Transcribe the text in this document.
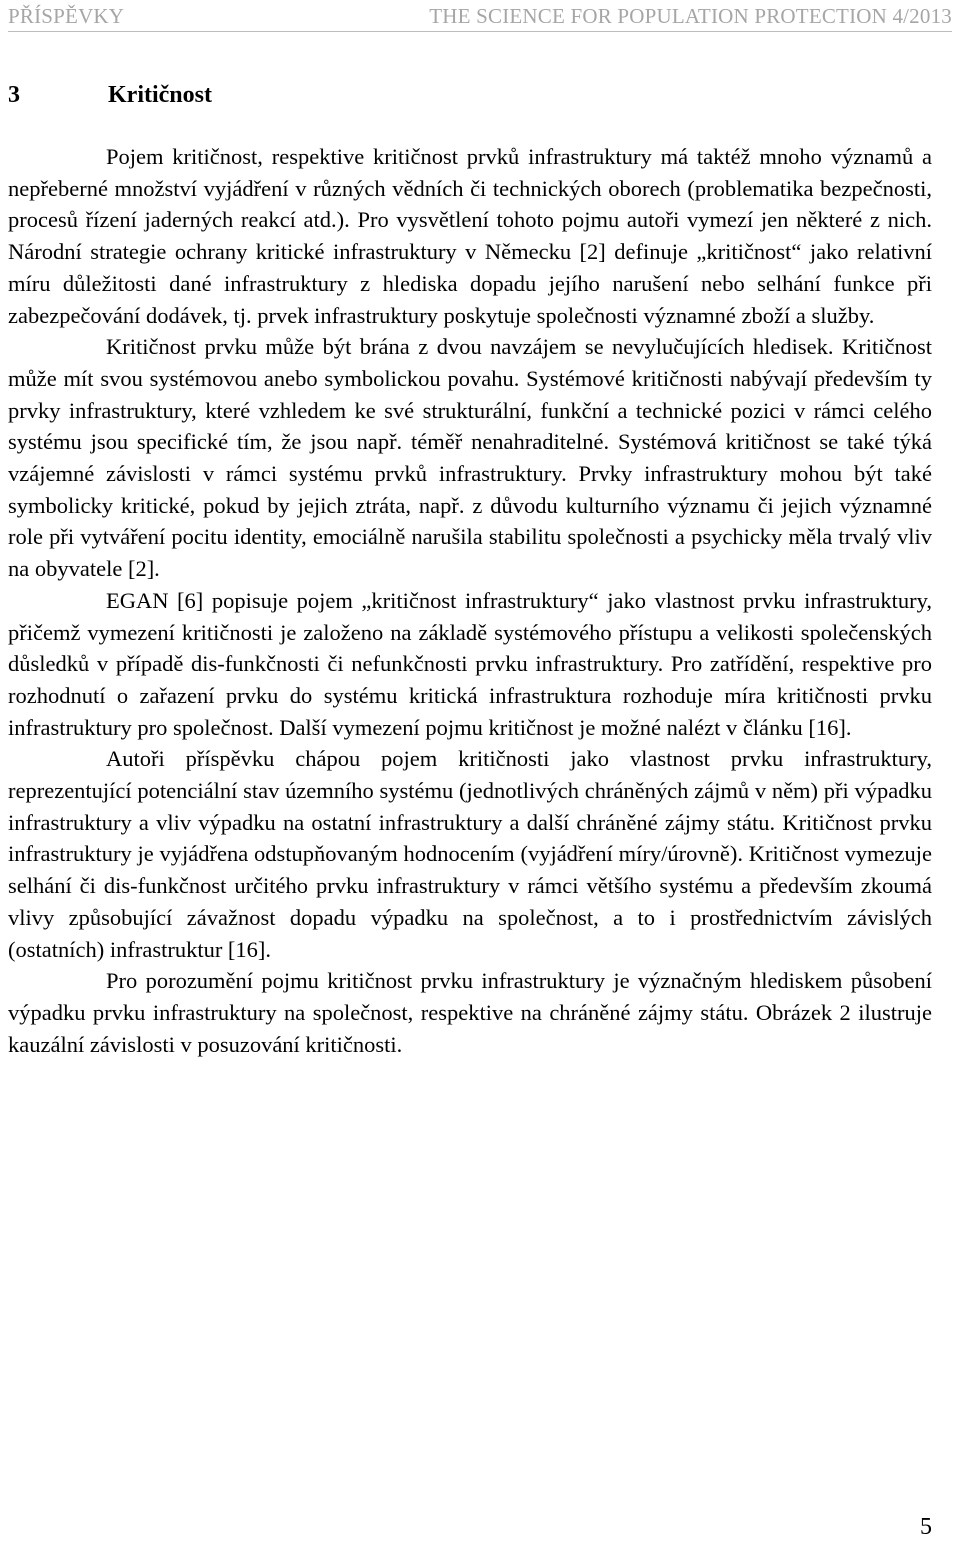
PŘÍSPĚVKY	THE SCIENCE FOR POPULATION PROTECTION 4/2013
3	Kritičnost

Pojem kritičnost, respektive kritičnost prvků infrastruktury má taktéž mnoho významů a nepřeberné množství vyjádření v různých vědních či technických oborech (problematika bezpečnosti, procesů řízení jaderných reakcí atd.). Pro vysvětlení tohoto pojmu autoři vymezí jen některé z nich. Národní strategie ochrany kritické infrastruktury v Německu [2] definuje „kritičnost“ jako relativní míru důležitosti dané infrastruktury z hlediska dopadu jejího narušení nebo selhání funkce při zabezpečování dodávek, tj. prvek infrastruktury poskytuje společnosti významné zboží a služby.

Kritičnost prvku může být brána z dvou navzájem se nevylučujících hledisek. Kritičnost může mít svou systémovou anebo symbolickou povahu. Systémové kritičnosti nabývají především ty prvky infrastruktury, které vzhledem ke své strukturální, funkční a technické pozici v rámci celého systému jsou specifické tím, že jsou např. téměř nenahraditelné. Systémová kritičnost se také týká vzájemné závislosti v rámci systému prvků infrastruktury. Prvky infrastruktury mohou být také symbolicky kritické, pokud by jejich ztráta, např. z důvodu kulturního významu či jejich významné role při vytváření pocitu identity, emociálně narušila stabilitu společnosti a psychicky měla trvalý vliv na obyvatele [2].

EGAN [6] popisuje pojem „kritičnost infrastruktury“ jako vlastnost prvku infrastruktury, přičemž vymezení kritičnosti je založeno na základě systémového přístupu a velikosti společenských důsledků v případě dis-funkčnosti či nefunkčnosti prvku infrastruktury. Pro zatřídění, respektive pro rozhodnutí o zařazení prvku do systému kritická infrastruktura rozhoduje míra kritičnosti prvku infrastruktury pro společnost. Další vymezení pojmu kritičnost je možné nalézt v článku [16].

Autoři příspěvku chápou pojem kritičnosti jako vlastnost prvku infrastruktury, reprezentující potenciální stav územního systému (jednotlivých chráněných zájmů v něm) při výpadku infrastruktury a vliv výpadku na ostatní infrastruktury a další chráněné zájmy státu. Kritičnost prvku infrastruktury je vyjádřena odstupňovaným hodnocením (vyjádření míry/úrovně). Kritičnost vymezuje selhání či dis-funkčnost určitého prvku infrastruktury v rámci většího systému a především zkoumá vlivy způsobující závažnost dopadu výpadku na společnost, a to i prostřednictvím závislých (ostatních) infrastruktur [16].

Pro porozumění pojmu kritičnost prvku infrastruktury je význačným hlediskem působení výpadku prvku infrastruktury na společnost, respektive na chráněné zájmy státu. Obrázek 2 ilustruje kauzální závislosti v posuzování kritičnosti.

5
